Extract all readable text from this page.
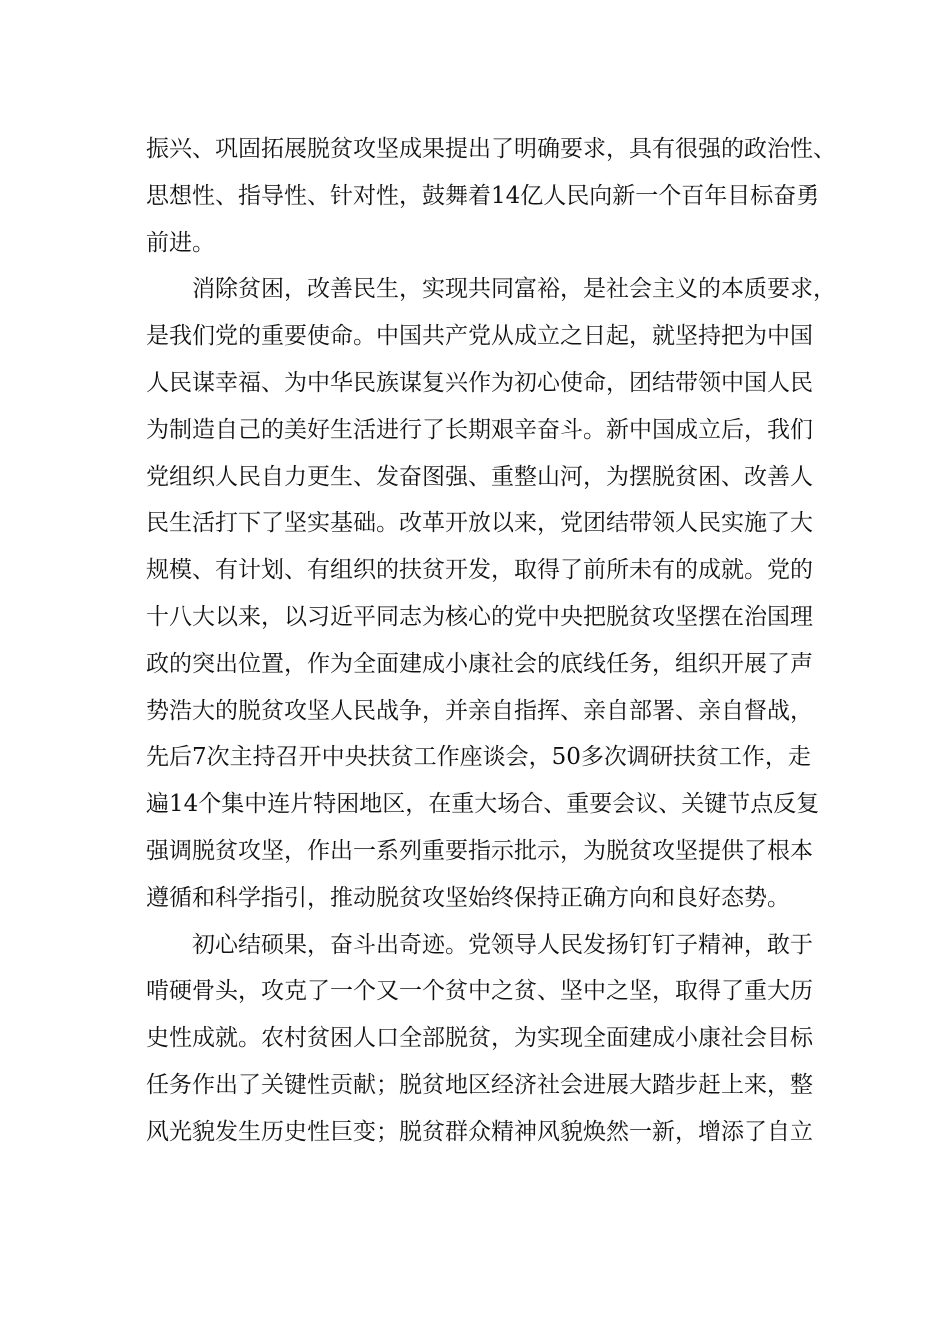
振兴、巩固拓展脱贫攻坚成果提出了明确要求，具有很强的政治性、
思想性、指导性、针对性，鼓舞着14亿人民向新一个百年目标奋勇
前进。
消除贫困，改善民生，实现共同富裕，是社会主义的本质要求，
是我们党的重要使命。中国共产党从成立之日起，就坚持把为中国
人民谋幸福、为中华民族谋复兴作为初心使命，团结带领中国人民
为制造自己的美好生活进行了长期艰辛奋斗。新中国成立后，我们
党组织人民自力更生、发奋图强、重整山河，为摆脱贫困、改善人
民生活打下了坚实基础。改革开放以来，党团结带领人民实施了大
规模、有计划、有组织的扶贫开发，取得了前所未有的成就。党的
十八大以来，以习近平同志为核心的党中央把脱贫攻坚摆在治国理
政的突出位置，作为全面建成小康社会的底线任务，组织开展了声
势浩大的脱贫攻坚人民战争，并亲自指挥、亲自部署、亲自督战，
先后7次主持召开中央扶贫工作座谈会，50多次调研扶贫工作，走
遍14个集中连片特困地区，在重大场合、重要会议、关键节点反复
强调脱贫攻坚，作出一系列重要指示批示，为脱贫攻坚提供了根本
遵循和科学指引，推动脱贫攻坚始终保持正确方向和良好态势。
初心结硕果，奋斗出奇迹。党领导人民发扬钉钉子精神，敢于
啃硬骨头，攻克了一个又一个贫中之贫、坚中之坚，取得了重大历
史性成就。农村贫困人口全部脱贫，为实现全面建成小康社会目标
任务作出了关键性贡献；脱贫地区经济社会进展大踏步赶上来，整
风光貌发生历史性巨变；脱贫群众精神风貌焕然一新，增添了自立
